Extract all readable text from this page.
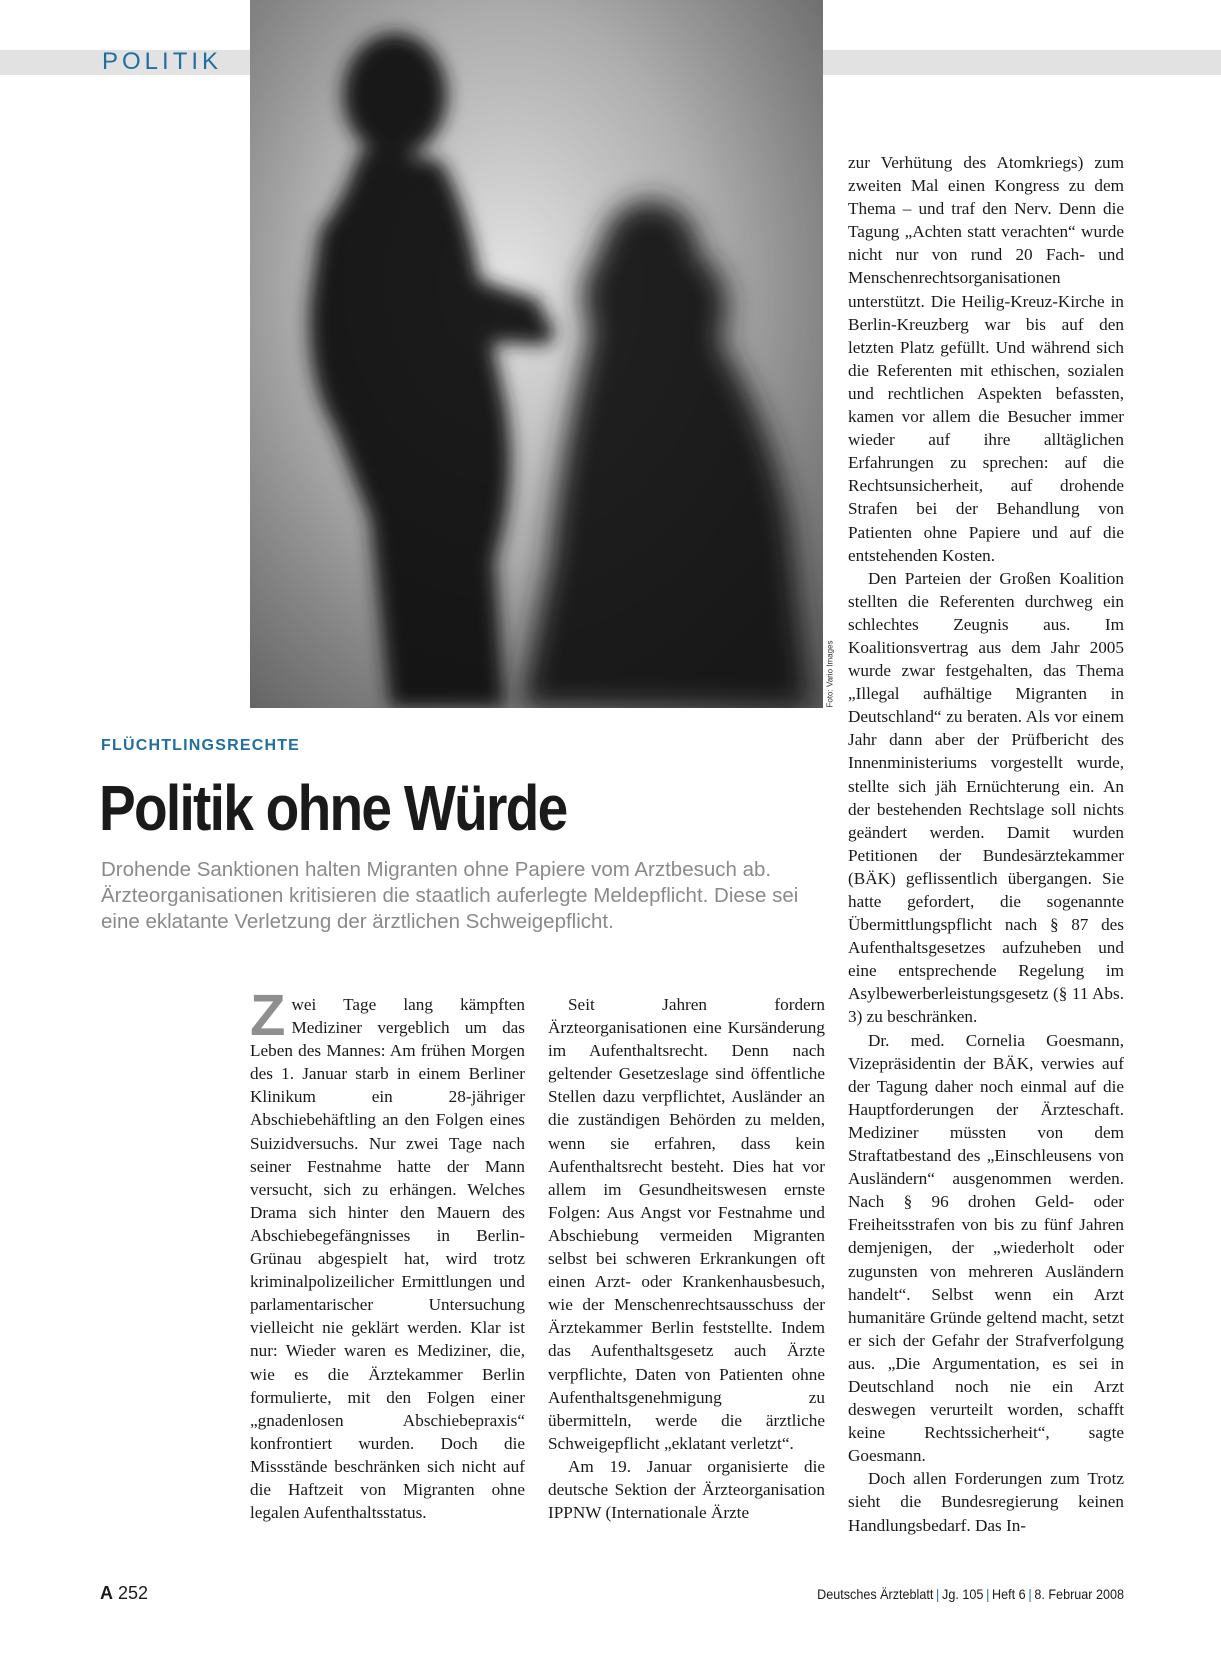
POLITIK
Foto: Vario Images
FLÜCHTLINGSRECHTE
Politik ohne Würde
Drohende Sanktionen halten Migranten ohne Papiere vom Arztbesuch ab. Ärzteorganisationen kritisieren die staatlich auferlegte Meldepflicht. Diese sei eine eklatante Verletzung der ärztlichen Schweigepflicht.
Z wei Tage lang kämpften Mediziner vergeblich um das Leben des Mannes: Am frühen Morgen des 1. Januar starb in einem Berliner Klinikum ein 28-jähriger Abschiebehäftling an den Folgen eines Suizidversuchs. Nur zwei Tage nach seiner Festnahme hatte der Mann versucht, sich zu erhängen. Welches Drama sich hinter den Mauern des Abschiebegefängnisses in Berlin-Grünau abgespielt hat, wird trotz kriminalpolizeilicher Ermittlungen und parlamentarischer Untersuchung vielleicht nie geklärt werden. Klar ist nur: Wieder waren es Mediziner, die, wie es die Ärztekammer Berlin formulierte, mit den Folgen einer „gnadenlosen Abschiebepraxis“ konfrontiert wurden. Doch die Missstände beschränken sich nicht auf die Haftzeit von Migranten ohne legalen Aufenthaltsstatus.

Seit Jahren fordern Ärzteorganisationen eine Kursänderung im Aufenthaltsrecht. Denn nach geltender Gesetzeslage sind öffentliche Stellen dazu verpflichtet, Ausländer an die zuständigen Behörden zu melden, wenn sie erfahren, dass kein Aufenthaltsrecht besteht. Dies hat vor allem im Gesundheitswesen ernste Folgen: Aus Angst vor Festnahme und Abschiebung vermeiden Migranten selbst bei schweren Erkrankungen oft einen Arzt- oder Krankenhausbesuch, wie der Menschenrechtsausschuss der Ärztekammer Berlin feststellte. Indem das Aufenthaltsgesetz auch Ärzte verpflichte, Daten von Patienten ohne Aufenthaltsgenehmigung zu übermitteln, werde die ärztliche Schweigepflicht „eklatant verletzt“.

Am 19. Januar organisierte die deutsche Sektion der Ärzteorganisation IPPNW (Internationale Ärzte

zur Verhütung des Atomkriegs) zum zweiten Mal einen Kongress zu dem Thema – und traf den Nerv. Denn die Tagung „Achten statt verachten“ wurde nicht nur von rund 20 Fach- und Menschenrechtsorganisationen unterstützt. Die Heilig-Kreuz-Kirche in Berlin-Kreuzberg war bis auf den letzten Platz gefüllt. Und während sich die Referenten mit ethischen, sozialen und rechtlichen Aspekten befassten, kamen vor allem die Besucher immer wieder auf ihre alltäglichen Erfahrungen zu sprechen: auf die Rechtsunsicherheit, auf drohende Strafen bei der Behandlung von Patienten ohne Papiere und auf die entstehenden Kosten.

Den Parteien der Großen Koalition stellten die Referenten durchweg ein schlechtes Zeugnis aus. Im Koalitionsvertrag aus dem Jahr 2005 wurde zwar festgehalten, das Thema „Illegal aufhältige Migranten in Deutschland“ zu beraten. Als vor einem Jahr dann aber der Prüfbericht des Innenministeriums vorgestellt wurde, stellte sich jäh Ernüchterung ein. An der bestehenden Rechtslage soll nichts geändert werden. Damit wurden Petitionen der Bundesärztekammer (BÄK) geflissentlich übergangen. Sie hatte gefordert, die sogenannte Übermittlungspflicht nach § 87 des Aufenthaltsgesetzes aufzuheben und eine entsprechende Regelung im Asylbewerberleistungsgesetz (§ 11 Abs. 3) zu beschränken.

Dr. med. Cornelia Goesmann, Vizepräsidentin der BÄK, verwies auf der Tagung daher noch einmal auf die Hauptforderungen der Ärzteschaft. Mediziner müssten von dem Straftatbestand des „Einschleusens von Ausländern“ ausgenommen werden. Nach § 96 drohen Geld- oder Freiheitsstrafen von bis zu fünf Jahren demjenigen, der „wiederholt oder zugunsten von mehreren Ausländern handelt“. Selbst wenn ein Arzt humanitäre Gründe geltend macht, setzt er sich der Gefahr der Strafverfolgung aus. „Die Argumentation, es sei in Deutschland noch nie ein Arzt deswegen verurteilt worden, schafft keine Rechtssicherheit“, sagte Goesmann.

Doch allen Forderungen zum Trotz sieht die Bundesregierung keinen Handlungsbedarf. Das In-

A 252	Deutsches Ärzteblatt | Jg. 105 | Heft 6 | 8. Februar 2008
